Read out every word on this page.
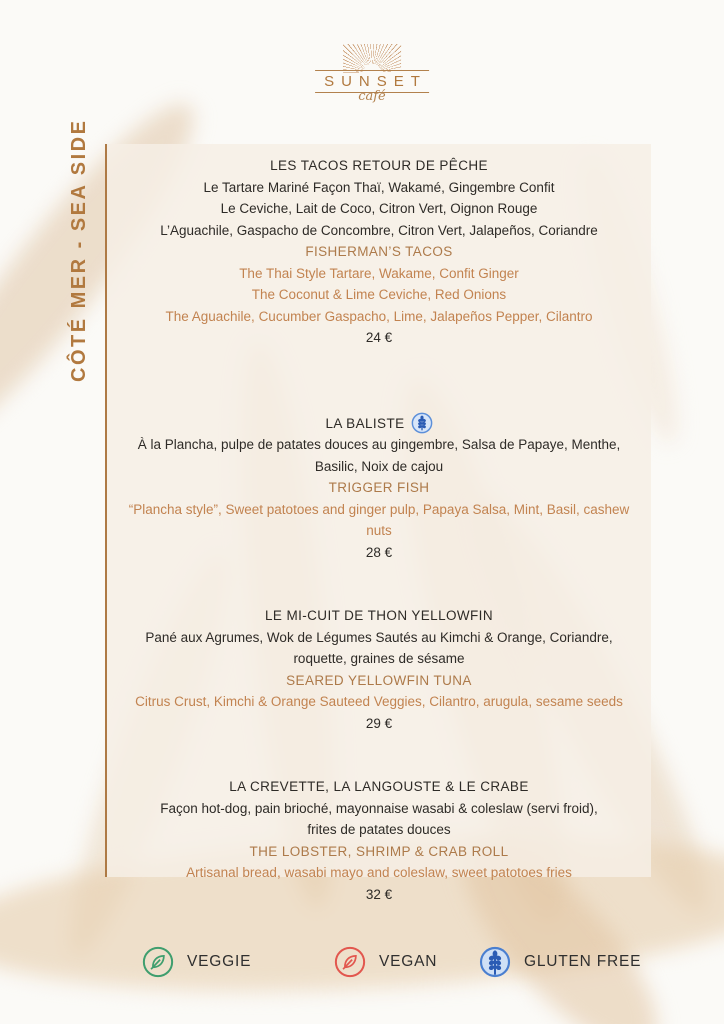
SUNSET
café
CÔTÉ MER - SEA SIDE	LES TACOS RETOUR DE PÊCHE

Le Tartare Mariné Façon Thaï, Wakamé, Gingembre Confit

Le Ceviche, Lait de Coco, Citron Vert, Oignon Rouge

L’Aguachile, Gaspacho de Concombre, Citron Vert, Jalapeños, Coriandre

FISHERMAN’S TACOS

The Thai Style Tartare, Wakame, Confit Ginger

The Coconut & Lime Ceviche, Red Onions

The Aguachile, Cucumber Gaspacho, Lime, Jalapeños Pepper, Cilantro

24 €

LA BALISTE

À la Plancha, pulpe de patates douces au gingembre, Salsa de Papaye, Menthe,

Basilic, Noix de cajou

TRIGGER FISH

“Plancha style”, Sweet patotoes and ginger pulp, Papaya Salsa, Mint, Basil, cashew nuts

28 €

LE MI-CUIT DE THON YELLOWFIN

Pané aux Agrumes, Wok de Légumes Sautés au Kimchi & Orange, Coriandre,

roquette, graines de sésame

SEARED YELLOWFIN TUNA

Citrus Crust, Kimchi & Orange Sauteed Veggies, Cilantro, arugula, sesame seeds

29 €

LA CREVETTE, LA LANGOUSTE & LE CRABE

Façon hot-dog, pain brioché, mayonnaise wasabi & coleslaw (servi froid),

frites de patates douces

THE LOBSTER, SHRIMP & CRAB ROLL

Artisanal bread, wasabi mayo and coleslaw, sweet patotoes fries

32 €

VEGGIE	VEGAN	GLUTEN FREE
